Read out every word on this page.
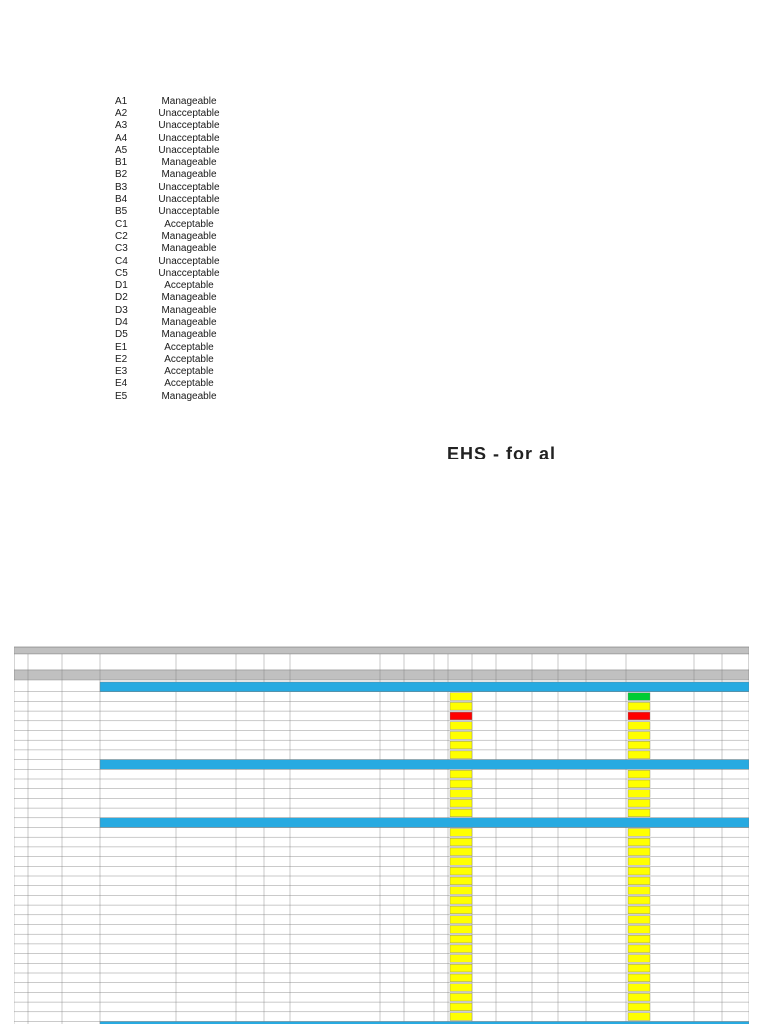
A1	Manageable
A2	Unacceptable
A3	Unacceptable
A4	Unacceptable
A5	Unacceptable
B1	Manageable
B2	Manageable
B3	Unacceptable
B4	Unacceptable
B5	Unacceptable
C1	Acceptable
C2	Manageable
C3	Manageable
C4	Unacceptable
C5	Unacceptable
D1	Acceptable
D2	Manageable
D3	Manageable
D4	Manageable
D5	Manageable
E1	Acceptable
E2	Acceptable
E3	Acceptable
E4	Acceptable
E5	Manageable
EHS - for al
